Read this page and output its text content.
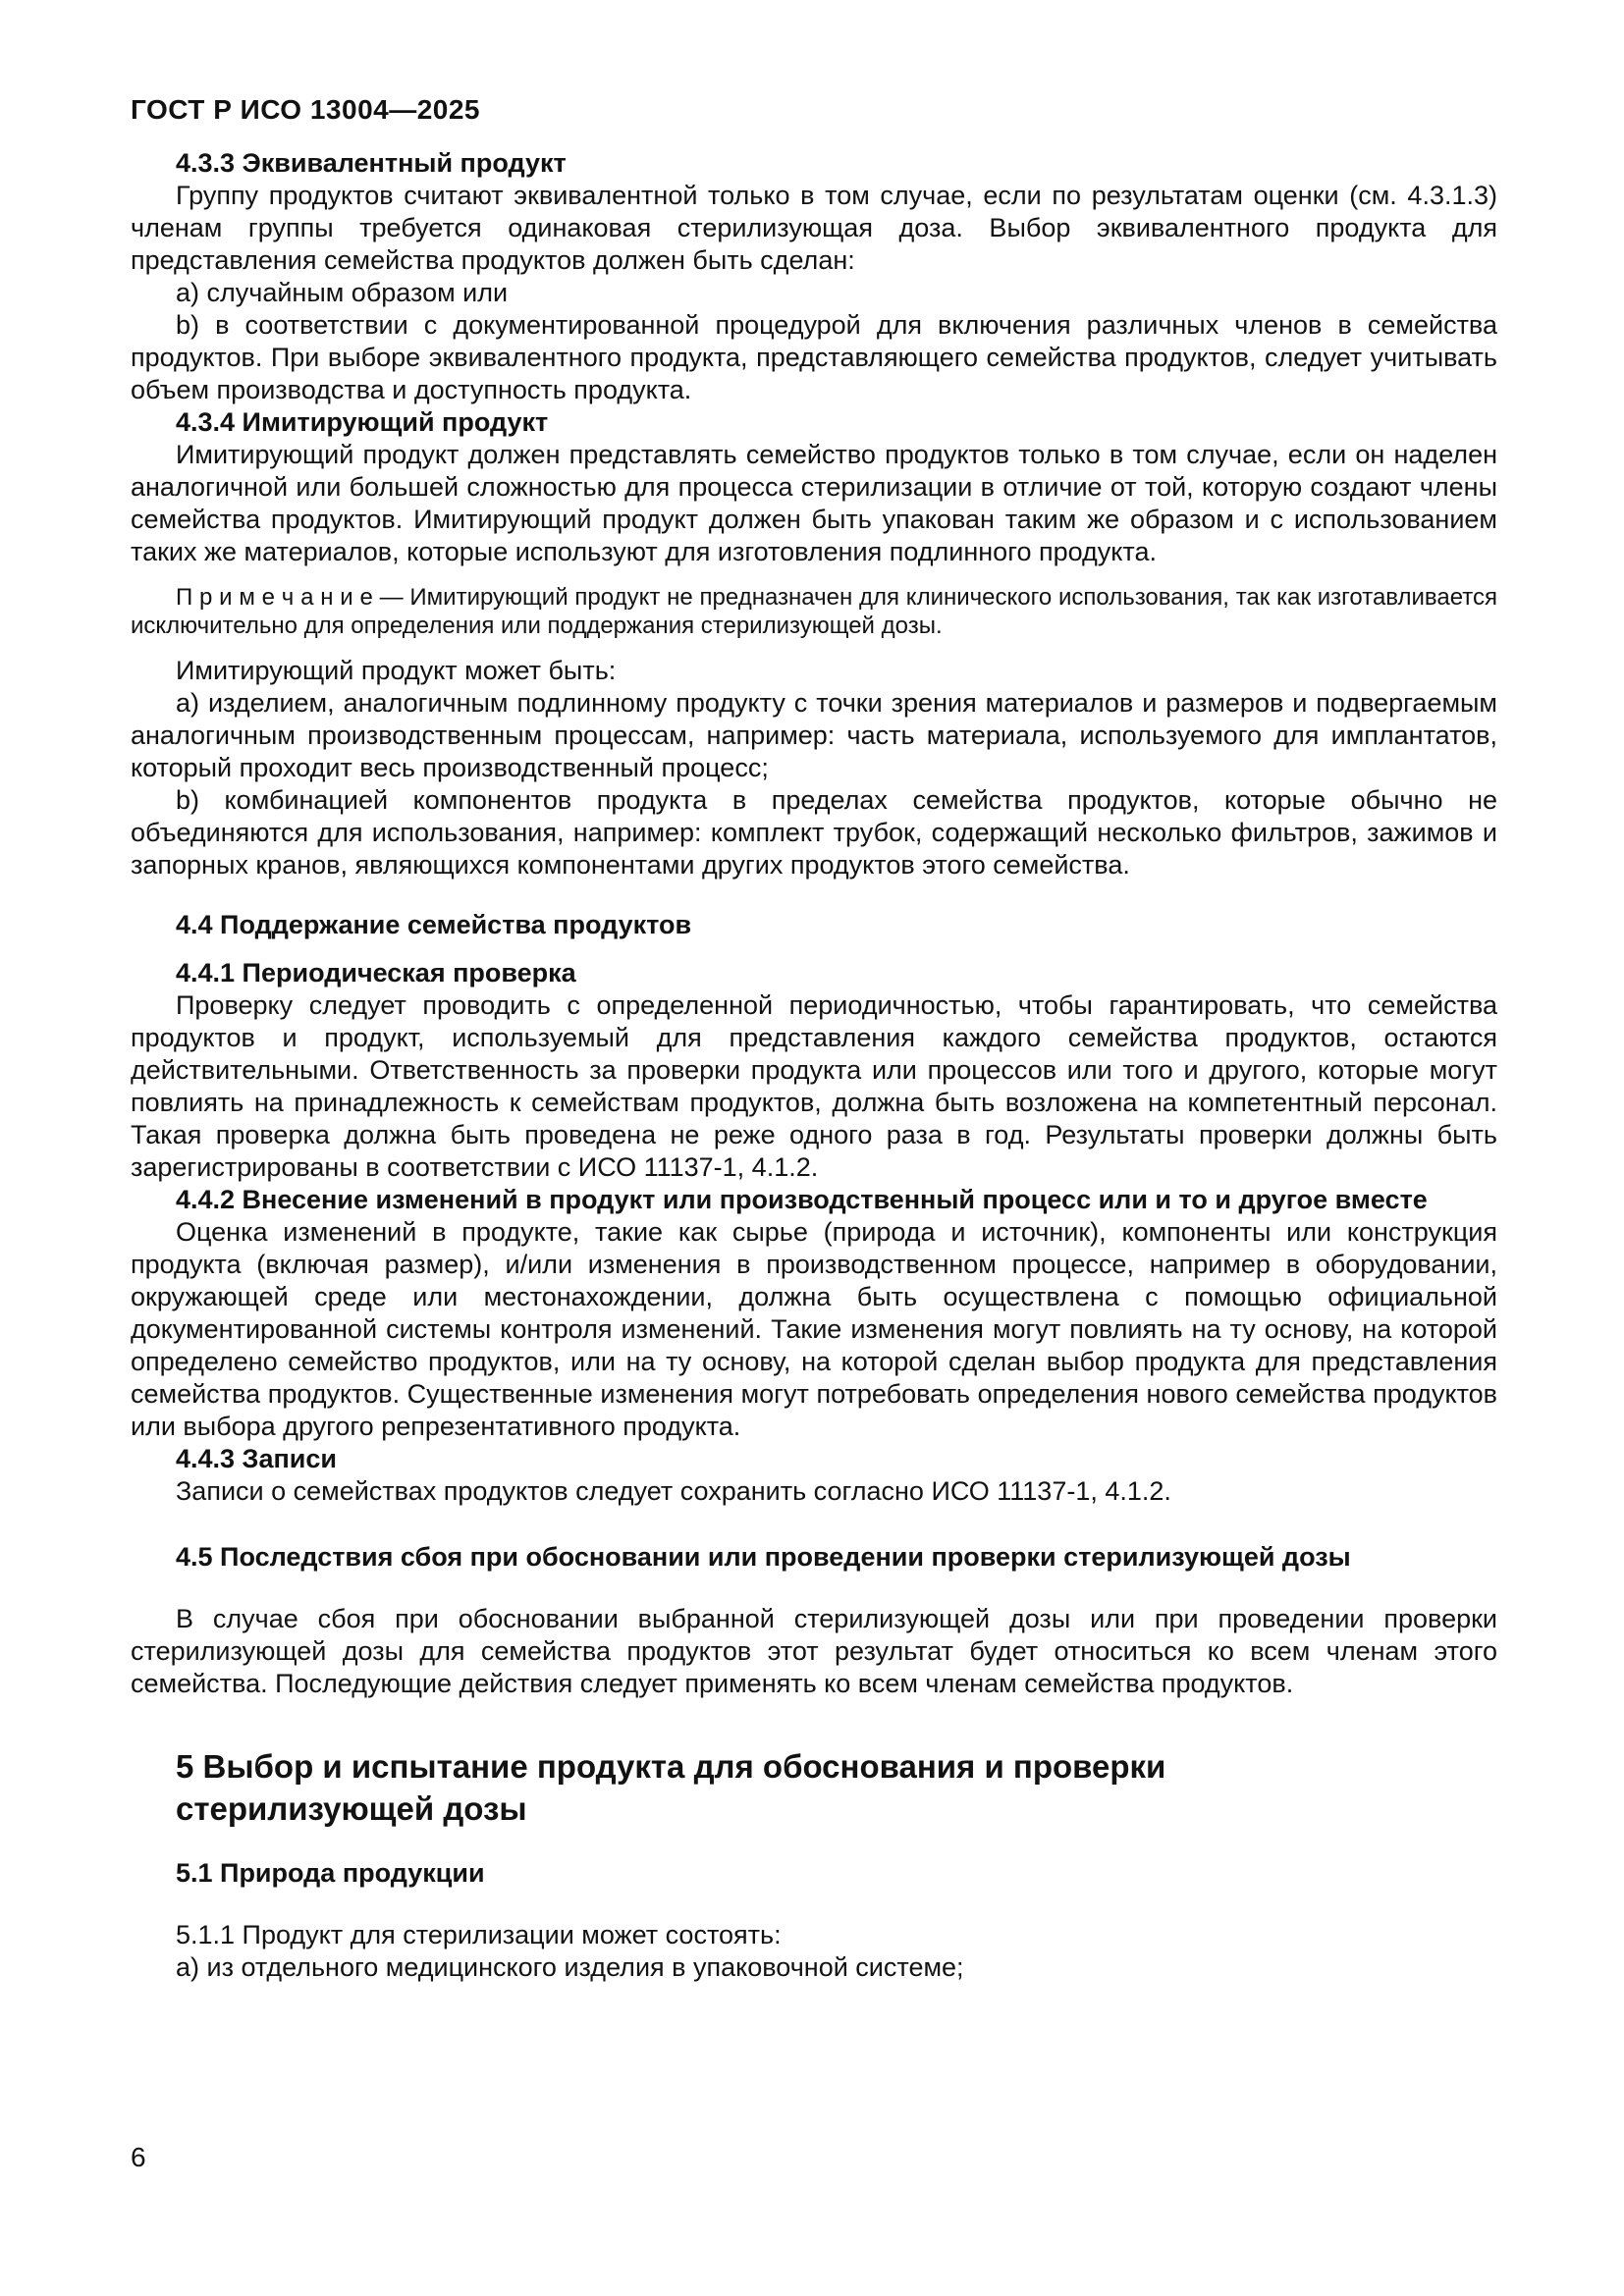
ГОСТ Р ИСО 13004—2025

4.3.3 Эквивалентный продукт

Группу продуктов считают эквивалентной только в том случае, если по результатам оценки (см. 4.3.1.3) членам группы требуется одинаковая стерилизующая доза. Выбор эквивалентного продукта для представления семейства продуктов должен быть сделан:

а) случайным образом или

b) в соответствии с документированной процедурой для включения различных членов в семейства продуктов. При выборе эквивалентного продукта, представляющего семейства продуктов, следует учитывать объем производства и доступность продукта.

4.3.4 Имитирующий продукт

Имитирующий продукт должен представлять семейство продуктов только в том случае, если он наделен аналогичной или большей сложностью для процесса стерилизации в отличие от той, которую создают члены семейства продуктов. Имитирующий продукт должен быть упакован таким же образом и с использованием таких же материалов, которые используют для изготовления подлинного продукта.

П р и м е ч а н и е — Имитирующий продукт не предназначен для клинического использования, так как изготавливается исключительно для определения или поддержания стерилизующей дозы.

Имитирующий продукт может быть:

а) изделием, аналогичным подлинному продукту с точки зрения материалов и размеров и подвергаемым аналогичным производственным процессам, например: часть материала, используемого для имплантатов, который проходит весь производственный процесс;

b) комбинацией компонентов продукта в пределах семейства продуктов, которые обычно не объединяются для использования, например: комплект трубок, содержащий несколько фильтров, зажимов и запорных кранов, являющихся компонентами других продуктов этого семейства.

4.4 Поддержание семейства продуктов

4.4.1 Периодическая проверка

Проверку следует проводить с определенной периодичностью, чтобы гарантировать, что семейства продуктов и продукт, используемый для представления каждого семейства продуктов, остаются действительными. Ответственность за проверки продукта или процессов или того и другого, которые могут повлиять на принадлежность к семействам продуктов, должна быть возложена на компетентный персонал. Такая проверка должна быть проведена не реже одного раза в год. Результаты проверки должны быть зарегистрированы в соответствии с ИСО 11137-1, 4.1.2.

4.4.2 Внесение изменений в продукт или производственный процесс или и то и другое вместе

Оценка изменений в продукте, такие как сырье (природа и источник), компоненты или конструкция продукта (включая размер), и/или изменения в производственном процессе, например в оборудовании, окружающей среде или местонахождении, должна быть осуществлена с помощью официальной документированной системы контроля изменений. Такие изменения могут повлиять на ту основу, на которой определено семейство продуктов, или на ту основу, на которой сделан выбор продукта для представления семейства продуктов. Существенные изменения могут потребовать определения нового семейства продуктов или выбора другого репрезентативного продукта.

4.4.3 Записи

Записи о семействах продуктов следует сохранить согласно ИСО 11137-1, 4.1.2.

4.5 Последствия сбоя при обосновании или проведении проверки стерилизующей дозы

В случае сбоя при обосновании выбранной стерилизующей дозы или при проведении проверки стерилизующей дозы для семейства продуктов этот результат будет относиться ко всем членам этого семейства. Последующие действия следует применять ко всем членам семейства продуктов.

5 Выбор и испытание продукта для обоснования и проверки стерилизующей дозы

5.1 Природа продукции

5.1.1 Продукт для стерилизации может состоять:

а) из отдельного медицинского изделия в упаковочной системе;

6
